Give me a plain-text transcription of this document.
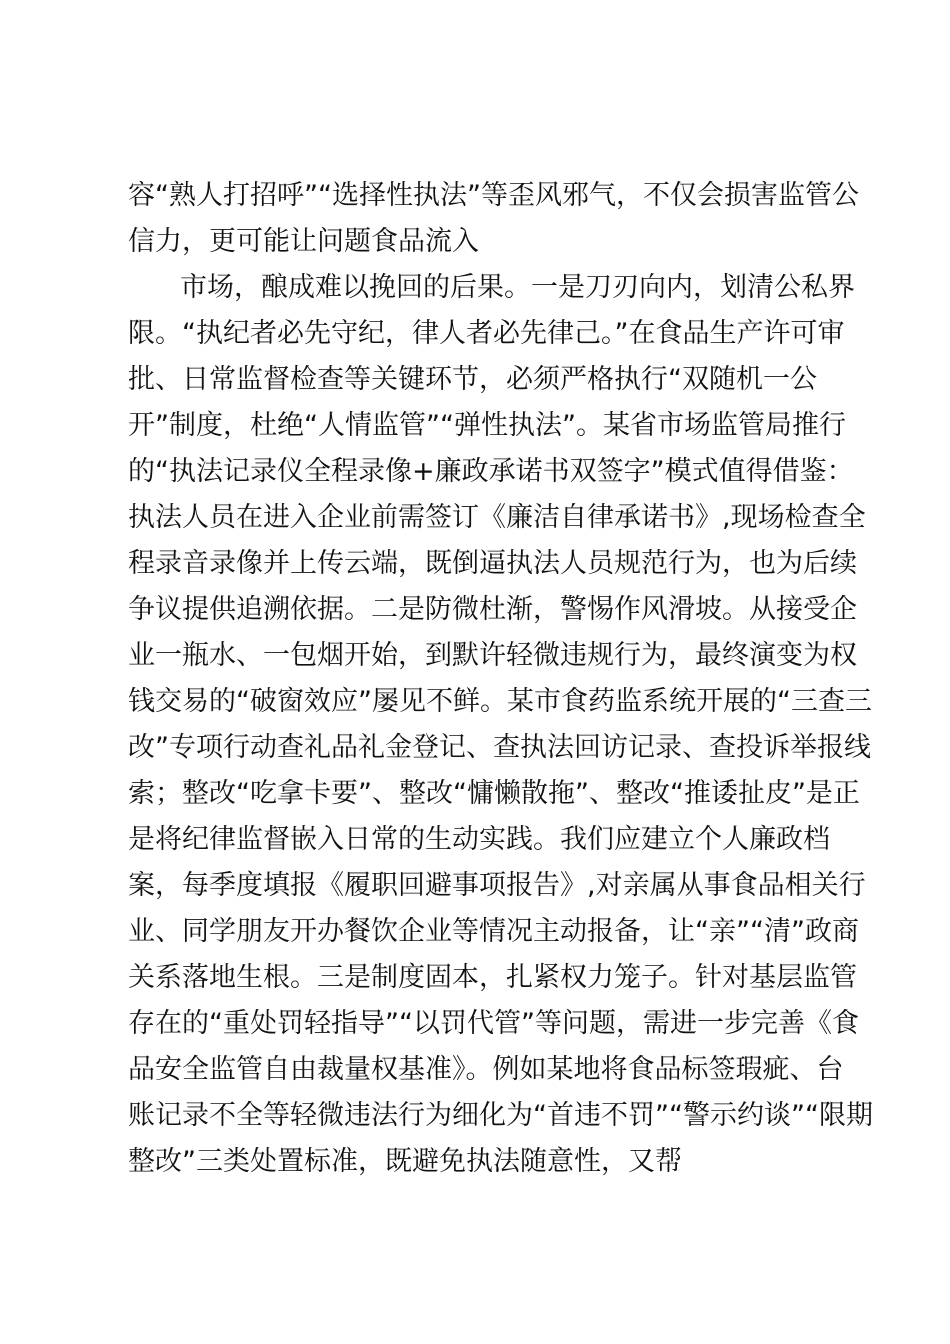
容“熟人打招呼”“选择性执法”等歪风邪气，不仅会损害监管公
信力，更可能让问题食品流入
市场，酿成难以挽回的后果。一是刀刃向内，划清公私界
限。“执纪者必先守纪，律人者必先律己。”在食品生产许可审
批、日常监督检查等关键环节，必须严格执行“双随机一公
开”制度，杜绝“人情监管”“弹性执法”。某省市场监管局推行
的“执法记录仪全程录像+廉政承诺书双签字”模式值得借鉴：
执法人员在进入企业前需签订《廉洁自律承诺书》,现场检查全
程录音录像并上传云端，既倒逼执法人员规范行为，也为后续
争议提供追溯依据。二是防微杜渐，警惕作风滑坡。从接受企
业一瓶水、一包烟开始，到默许轻微违规行为，最终演变为权
钱交易的“破窗效应”屡见不鲜。某市食药监系统开展的“三查三
改”专项行动查礼品礼金登记、查执法回访记录、查投诉举报线
索；整改“吃拿卡要”、整改“慵懒散拖”、整改“推诿扯皮”是正
是将纪律监督嵌入日常的生动实践。我们应建立个人廉政档
案，每季度填报《履职回避事项报告》,对亲属从事食品相关行
业、同学朋友开办餐饮企业等情况主动报备，让“亲”“清”政商
关系落地生根。三是制度固本，扎紧权力笼子。针对基层监管
存在的“重处罚轻指导”“以罚代管”等问题，需进一步完善《食
品安全监管自由裁量权基准》。例如某地将食品标签瑕疵、台
账记录不全等轻微违法行为细化为“首违不罚”“警示约谈”“限期
整改”三类处置标准，既避免执法随意性，又帮
